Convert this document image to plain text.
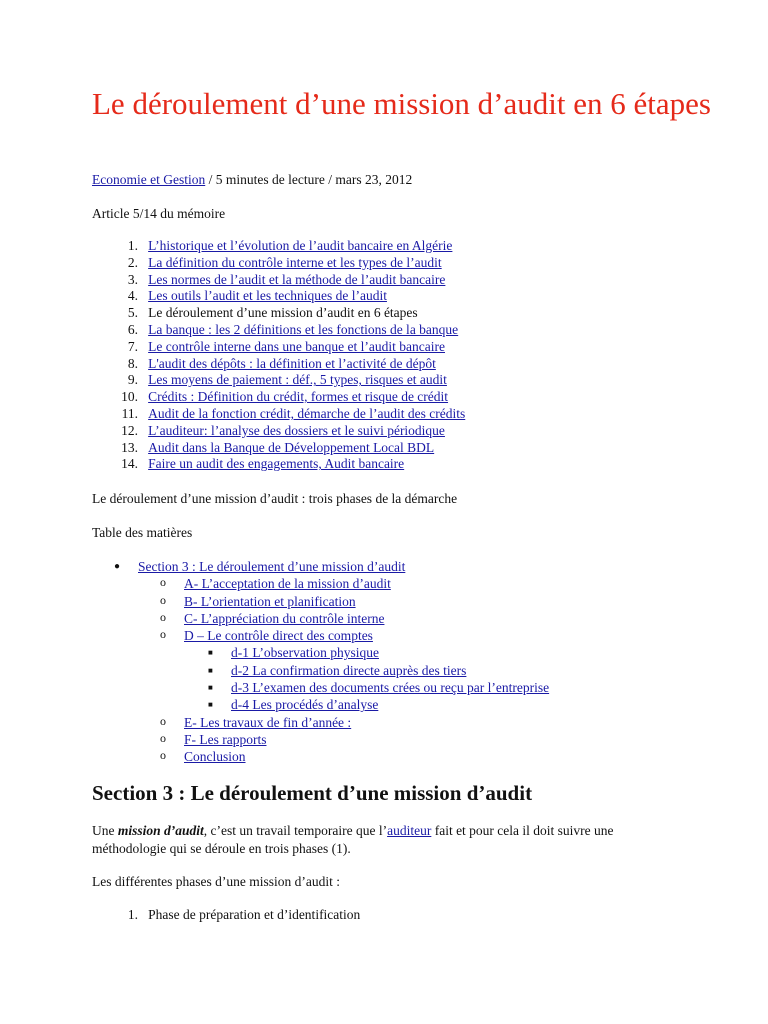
Le déroulement d’une mission d’audit en 6 étapes
Economie et Gestion / 5 minutes de lecture / mars 23, 2012
Article 5/14 du mémoire
1.
L’historique et l’évolution de l’audit bancaire en Algérie
2.
La définition du contrôle interne et les types de l’audit
3.
Les normes de l’audit et la méthode de l’audit bancaire
4.
Les outils l’audit et les techniques de l’audit
5.
Le déroulement d’une mission d’audit en 6 étapes
6.
La banque : les 2 définitions et les fonctions de la banque
7.
Le contrôle interne dans une banque et l’audit bancaire
8.
L'audit des dépôts : la définition et l’activité de dépôt
9.
Les moyens de paiement : déf., 5 types, risques et audit
10.
Crédits : Définition du crédit, formes et risque de crédit
11.
Audit de la fonction crédit, démarche de l’audit des crédits
12.
L’auditeur: l’analyse des dossiers et le suivi périodique
13.
Audit dans la Banque de Développement Local BDL
14.
Faire un audit des engagements, Audit bancaire
Le déroulement d’une mission d’audit : trois phases de la démarche
Table des matières
● Section 3 : Le déroulement d’une mission d’audit
o A- L’acceptation de la mission d’audit
o B- L’orientation et planification
o C- L’appréciation du contrôle interne
o D – Le contrôle direct des comptes
■ d-1 L’observation physique
■ d-2 La confirmation directe auprès des tiers
■ d-3 L’examen des documents crées ou reçu par l’entreprise
■ d-4 Les procédés d’analyse
o E- Les travaux de fin d’année :
o F- Les rapports
o Conclusion
Section 3 : Le déroulement d’une mission d’audit

Une mission d’audit, c’est un travail temporaire que l’auditeur fait et pour cela il doit suivre une méthodologie qui se déroule en trois phases (1).

Les différentes phases d’une mission d’audit :
1.
Phase de préparation et d’identification
